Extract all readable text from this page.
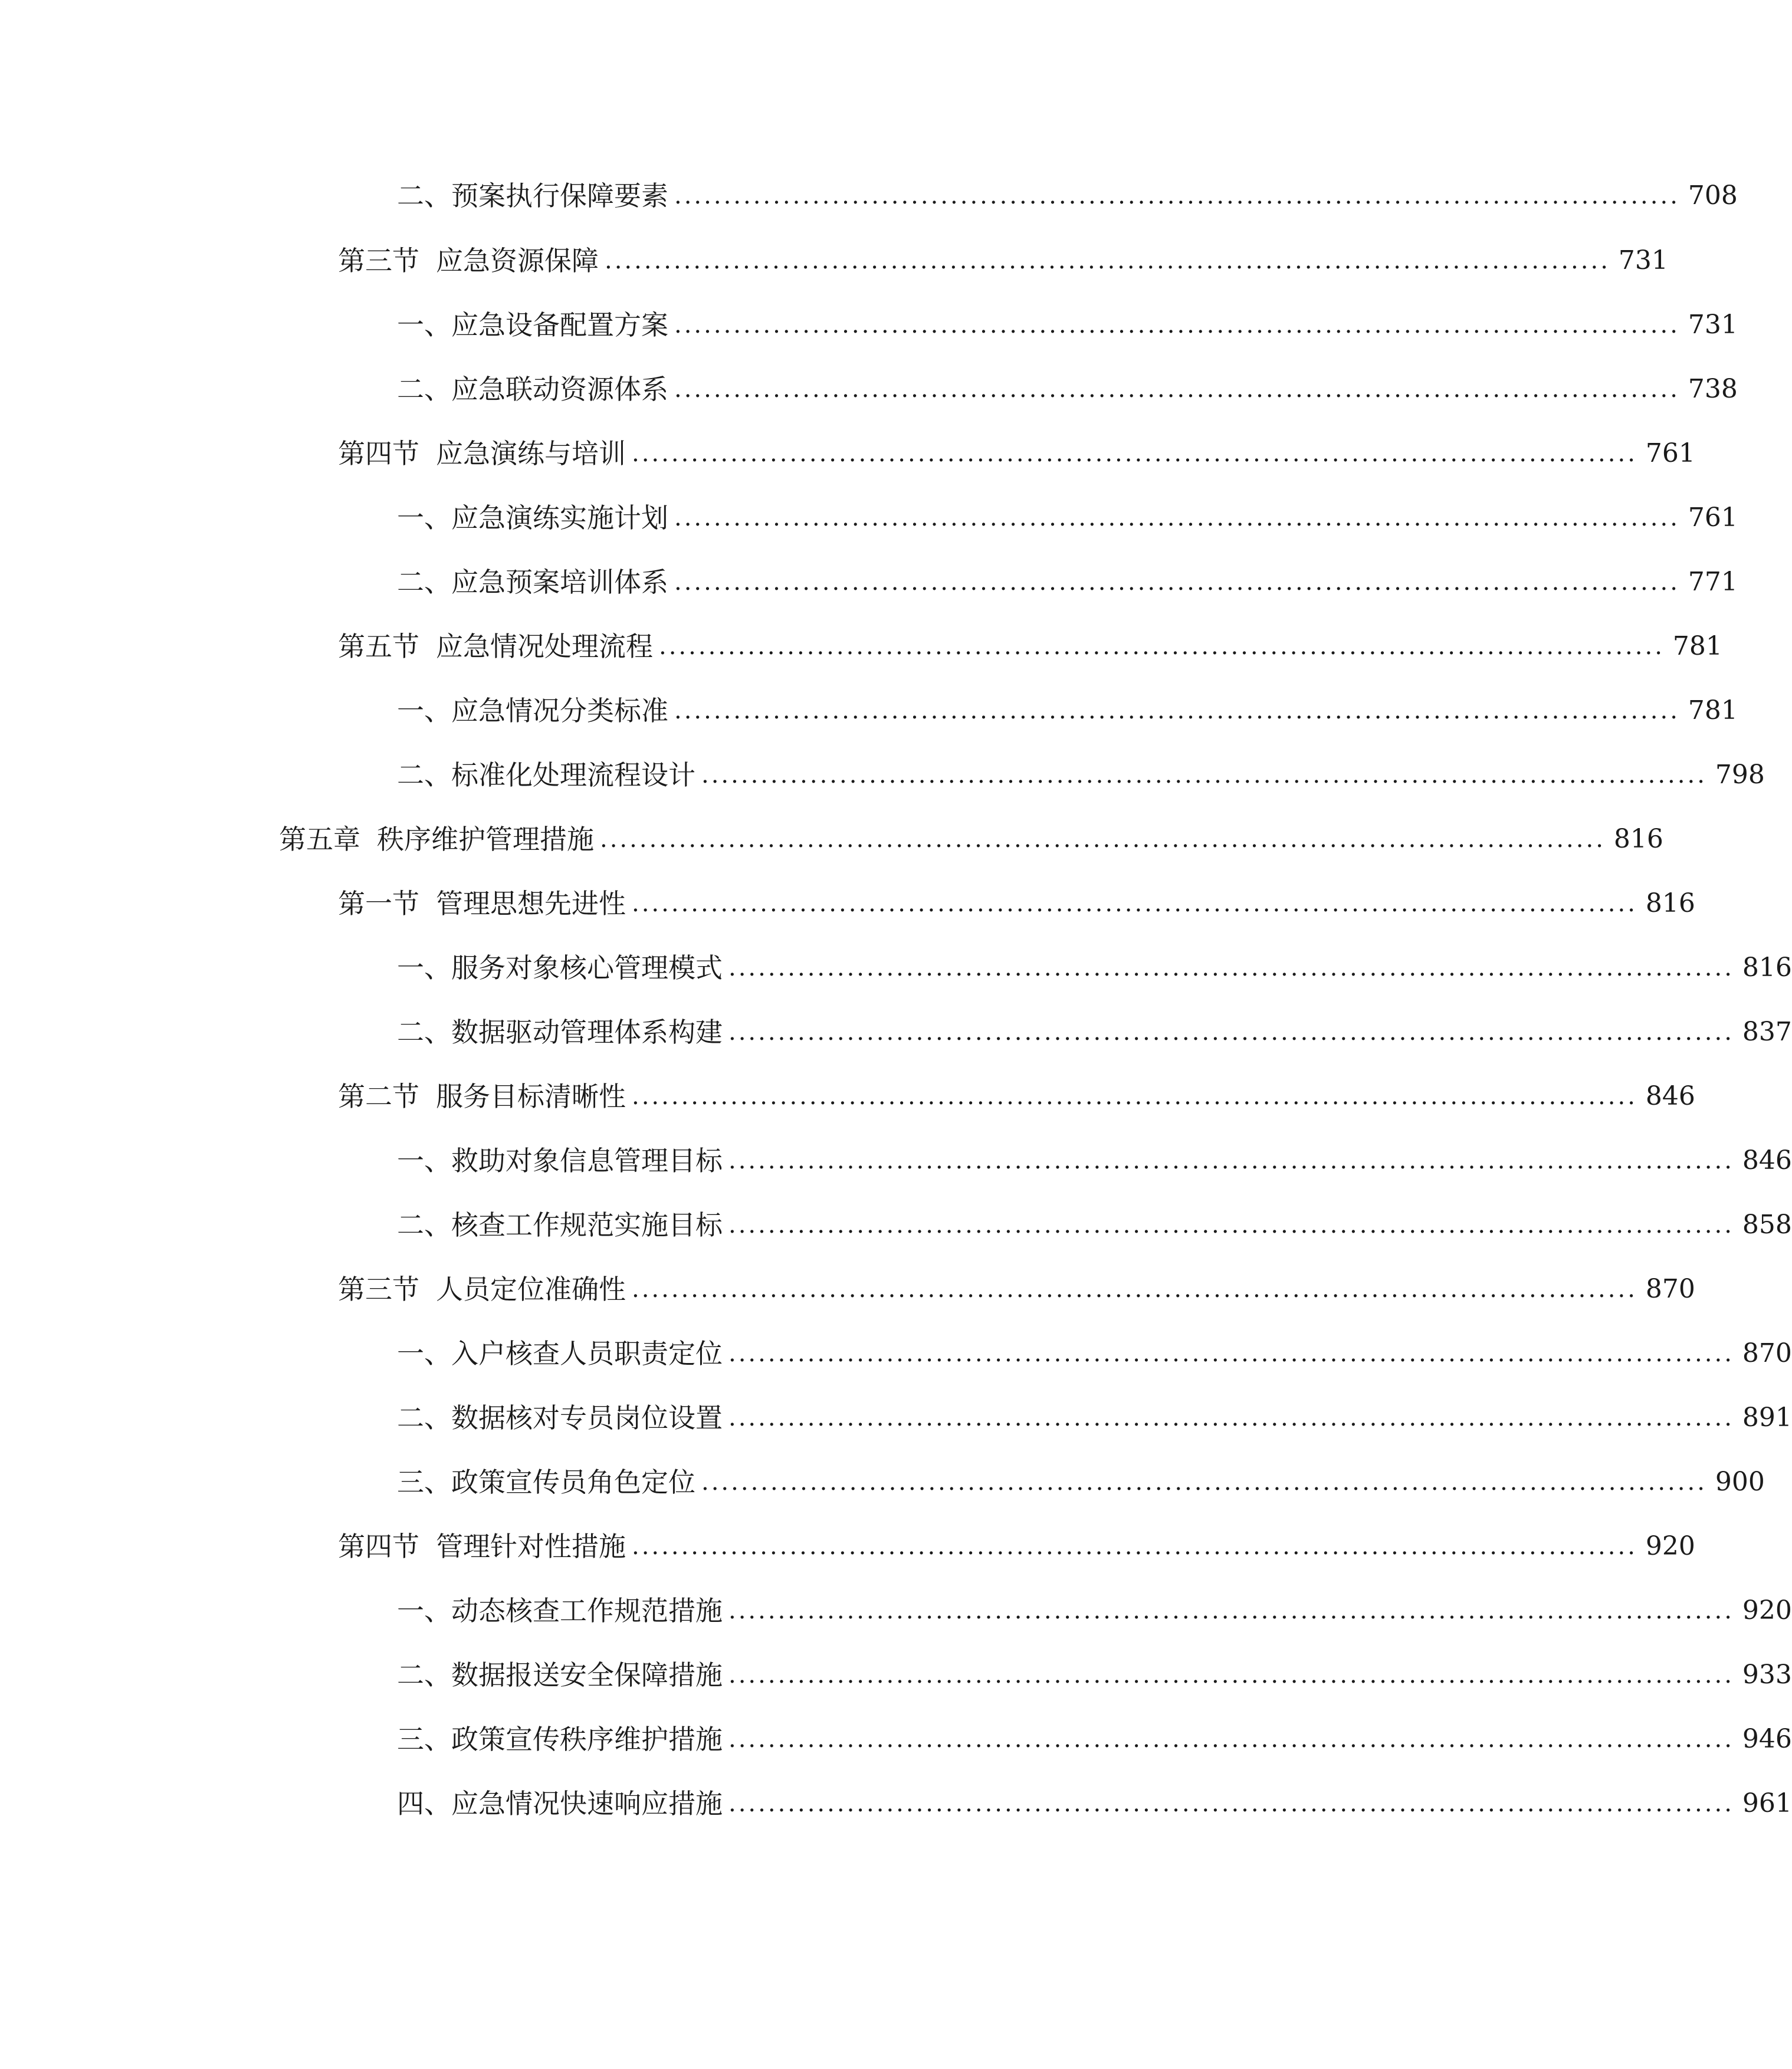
二、 预案执行保障要素 ...................................................................................................... 708
第三节 应急资源保障 ...................................................................................................... 731
一、 应急设备配置方案 ...................................................................................................... 731
二、 应急联动资源体系 ...................................................................................................... 738
第四节 应急演练与培训 ...................................................................................................... 761
一、 应急演练实施计划 ...................................................................................................... 761
二、 应急预案培训体系 ...................................................................................................... 771
第五节 应急情况处理流程 ...................................................................................................... 781
一、 应急情况分类标准 ...................................................................................................... 781
二、 标准化处理流程设计 ...................................................................................................... 798
第五章 秩序维护管理措施 ...................................................................................................... 816
第一节 管理思想先进性 ...................................................................................................... 816
一、 服务对象核心管理模式 ...................................................................................................... 816
二、 数据驱动管理体系构建 ...................................................................................................... 837
第二节 服务目标清晰性 ...................................................................................................... 846
一、 救助对象信息管理目标 ...................................................................................................... 846
二、 核查工作规范实施目标 ...................................................................................................... 858
第三节 人员定位准确性 ...................................................................................................... 870
一、 入户核查人员职责定位 ...................................................................................................... 870
二、 数据核对专员岗位设置 ...................................................................................................... 891
三、 政策宣传员角色定位 ...................................................................................................... 900
第四节 管理针对性措施 ...................................................................................................... 920
一、 动态核查工作规范措施 ...................................................................................................... 920
二、 数据报送安全保障措施 ...................................................................................................... 933
三、 政策宣传秩序维护措施 ...................................................................................................... 946
四、 应急情况快速响应措施 ...................................................................................................... 961
